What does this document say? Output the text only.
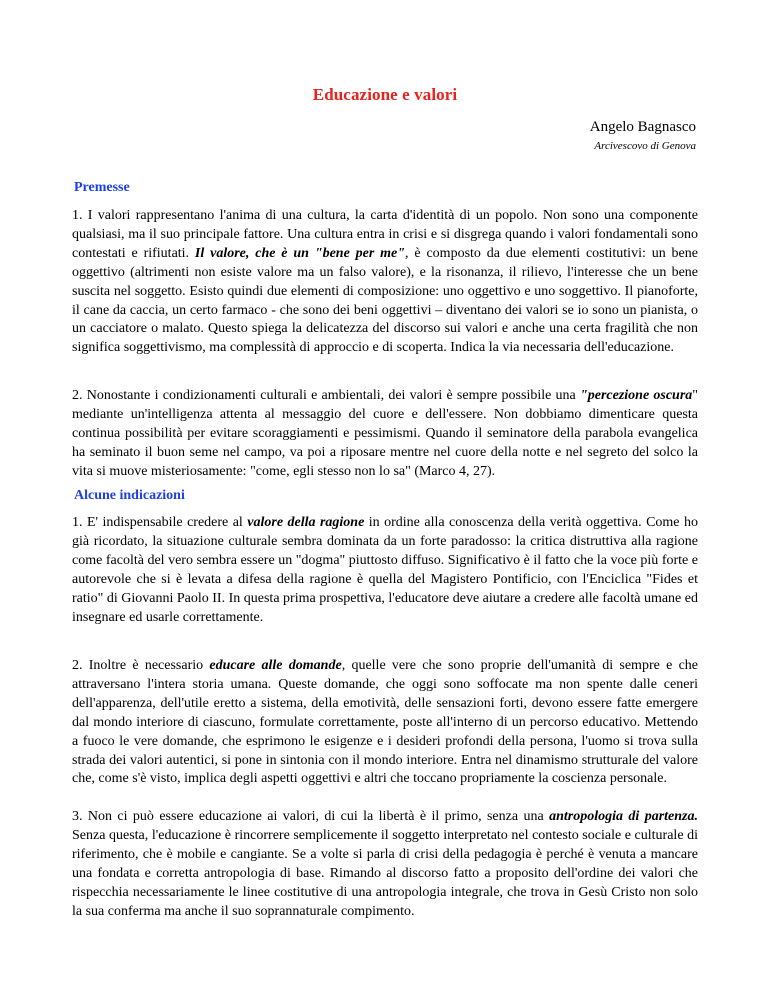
Educazione e valori
Angelo Bagnasco
Arcivescovo di Genova
Premesse
1. I valori rappresentano l'anima di una cultura, la carta d'identità di un popolo. Non sono una componente qualsiasi, ma il suo principale fattore. Una cultura entra in crisi e si disgrega quando i valori fondamentali sono contestati e rifiutati. Il valore, che è un "bene per me", è composto da due elementi costitutivi: un bene oggettivo (altrimenti non esiste valore ma un falso valore), e la risonanza, il rilievo, l'interesse che un bene suscita nel soggetto. Esisto quindi due elementi di composizione: uno oggettivo e uno soggettivo. Il pianoforte, il cane da caccia, un certo farmaco - che sono dei beni oggettivi – diventano dei valori se io sono un pianista, o un cacciatore o malato. Questo spiega la delicatezza del discorso sui valori e anche una certa fragilità che non significa soggettivismo, ma complessità di approccio e di scoperta. Indica la via necessaria dell'educazione.
2. Nonostante i condizionamenti culturali e ambientali, dei valori è sempre possibile una "percezione oscura" mediante un'intelligenza attenta al messaggio del cuore e dell'essere. Non dobbiamo dimenticare questa continua possibilità per evitare scoraggiamenti e pessimismi. Quando il seminatore della parabola evangelica ha seminato il buon seme nel campo, va poi a riposare mentre nel cuore della notte e nel segreto del solco la vita si muove misteriosamente: "come, egli stesso non lo sa" (Marco 4, 27).
Alcune indicazioni
1. E' indispensabile credere al valore della ragione in ordine alla conoscenza della verità oggettiva. Come ho già ricordato, la situazione culturale sembra dominata da un forte paradosso: la critica distruttiva alla ragione come facoltà del vero sembra essere un "dogma" piuttosto diffuso. Significativo è il fatto che la voce più forte e autorevole che si è levata a difesa della ragione è quella del Magistero Pontificio, con l'Enciclica "Fides et ratio" di Giovanni Paolo II. In questa prima prospettiva, l'educatore deve aiutare a credere alle facoltà umane ed insegnare ed usarle correttamente.
2. Inoltre è necessario educare alle domande, quelle vere che sono proprie dell'umanità di sempre e che attraversano l'intera storia umana. Queste domande, che oggi sono soffocate ma non spente dalle ceneri dell'apparenza, dell'utile eretto a sistema, della emotività, delle sensazioni forti, devono essere fatte emergere dal mondo interiore di ciascuno, formulate correttamente, poste all'interno di un percorso educativo. Mettendo a fuoco le vere domande, che esprimono le esigenze e i desideri profondi della persona, l'uomo si trova sulla strada dei valori autentici, si pone in sintonia con il mondo interiore. Entra nel dinamismo strutturale del valore che, come s'è visto, implica degli aspetti oggettivi e altri che toccano propriamente la coscienza personale.
3. Non ci può essere educazione ai valori, di cui la libertà è il primo, senza una antropologia di partenza. Senza questa, l'educazione è rincorrere semplicemente il soggetto interpretato nel contesto sociale e culturale di riferimento, che è mobile e cangiante. Se a volte si parla di crisi della pedagogia è perché è venuta a mancare una fondata e corretta antropologia di base. Rimando al discorso fatto a proposito dell'ordine dei valori che rispecchia necessariamente le linee costitutive di una antropologia integrale, che trova in Gesù Cristo non solo la sua conferma ma anche il suo soprannaturale compimento.
